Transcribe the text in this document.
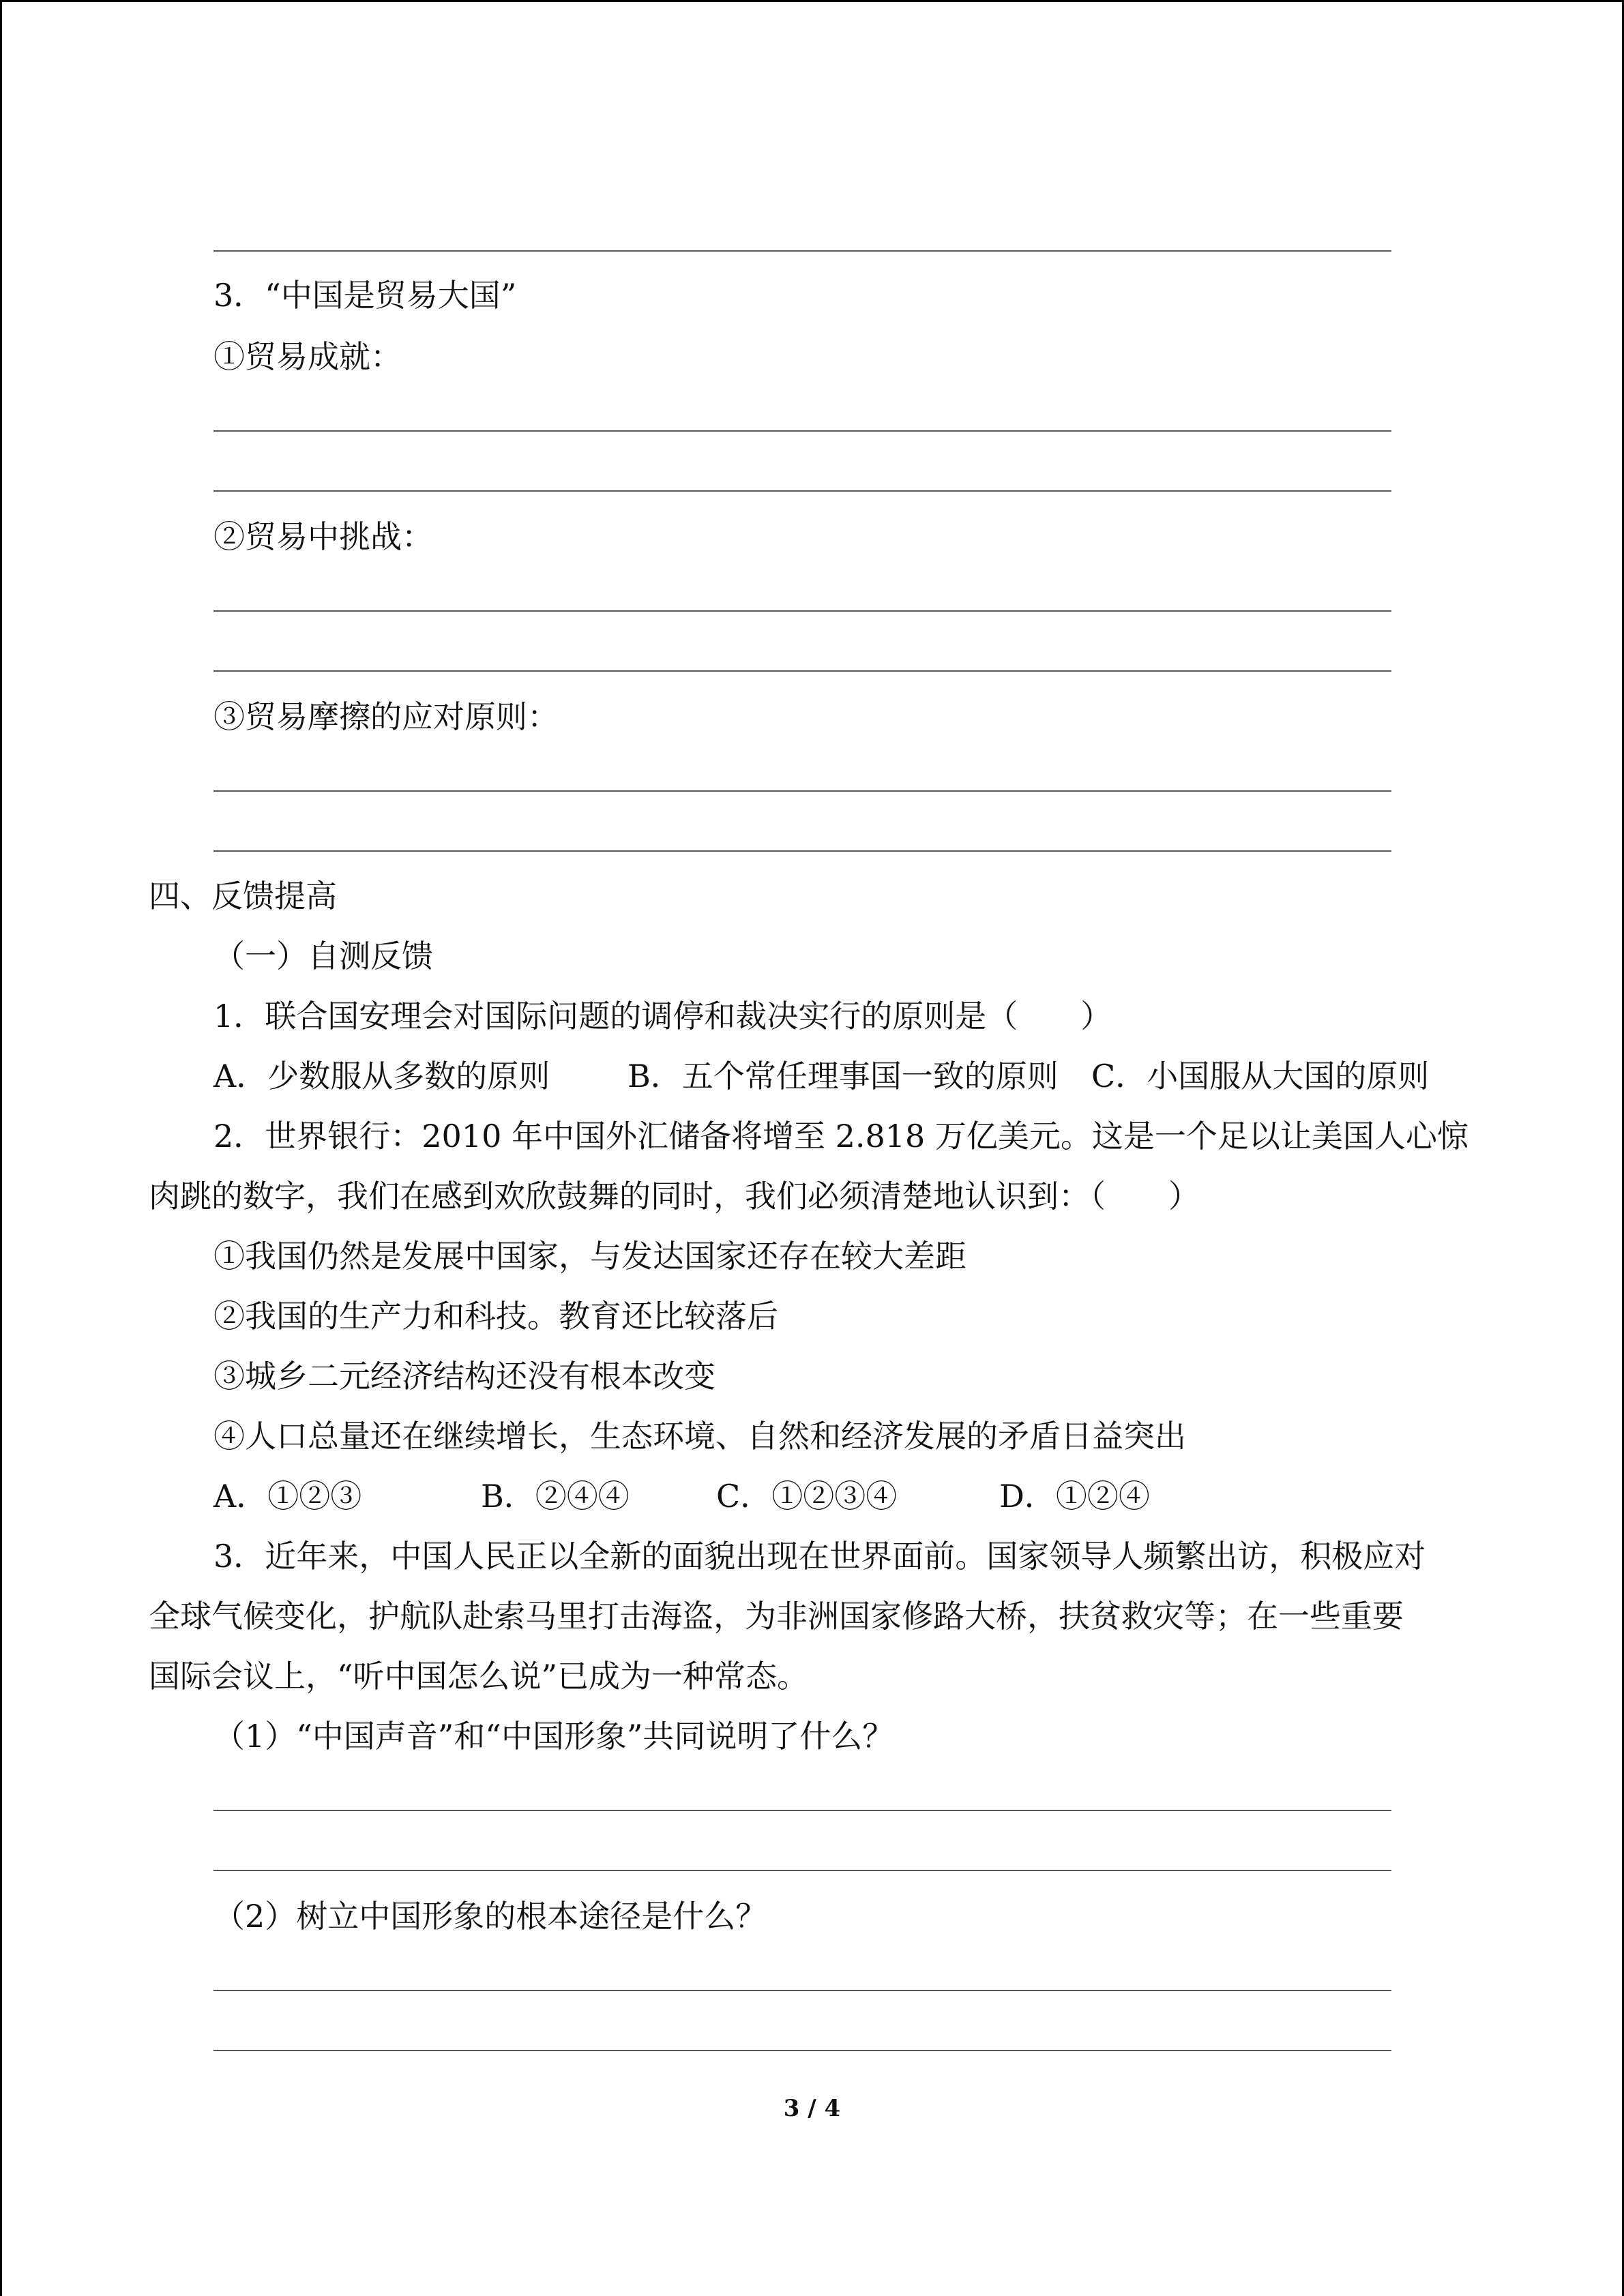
3．“中国是贸易大国”
①贸易成就：
②贸易中挑战：
③贸易摩擦的应对原则：
四、反馈提高
（一）自测反馈
1．联合国安理会对国际问题的调停和裁决实行的原则是（　　）
A．少数服从多数的原则 B．五个常任理事国一致的原则 C．小国服从大国的原则
2．世界银行：2010 年中国外汇储备将增至 2.818 万亿美元。这是一个足以让美国人心惊
肉跳的数字，我们在感到欢欣鼓舞的同时，我们必须清楚地认识到：（　　）
①我国仍然是发展中国家，与发达国家还存在较大差距
②我国的生产力和科技。教育还比较落后
③城乡二元经济结构还没有根本改变
④人口总量还在继续增长，生态环境、自然和经济发展的矛盾日益突出
A．①②③	B．②④④	C．①②③④	D．①②④
3．近年来，中国人民正以全新的面貌出现在世界面前。国家领导人频繁出访，积极应对
全球气候变化，护航队赴索马里打击海盗，为非洲国家修路大桥，扶贫救灾等；在一些重要
国际会议上，“听中国怎么说”已成为一种常态。
（1）“中国声音”和“中国形象”共同说明了什么？
（2）树立中国形象的根本途径是什么？
3 / 4
